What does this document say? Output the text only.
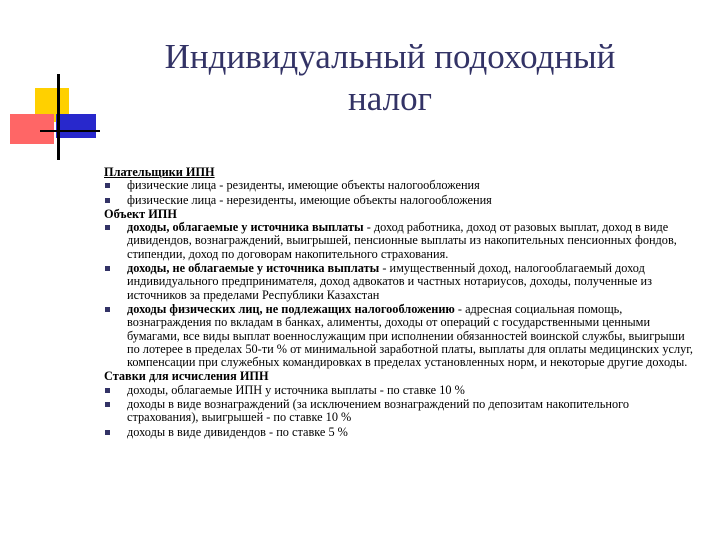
Индивидуальный подоходный
налог
Плательщики ИПН
физические лица - резиденты, имеющие объекты налогообложения
физические лица - нерезиденты, имеющие объекты налогообложения
Объект ИПН
доходы, облагаемые у источника выплаты - доход работника, доход от разовых выплат, доход в виде дивидендов, вознаграждений, выигрышей, пенсионные выплаты из накопительных пенсионных фондов, стипендии, доход по договорам накопительного страхования.
доходы, не облагаемые у источника выплаты - имущественный доход, налогооблагаемый доход индивидуального предпринимателя, доход адвокатов и частных нотариусов, доходы, полученные из источников за пределами Республики Казахстан
доходы физических лиц, не подлежащих налогообложению - адресная социальная помощь, вознаграждения по вкладам в банках, алименты, доходы от операций с государственными ценными бумагами, все виды выплат военнослужащим при исполнении обязанностей воинской службы, выигрыши по лотерее в пределах 50-ти % от минимальной заработной платы, выплаты для оплаты медицинских услуг, компенсации при служебных командировках в пределах установленных норм, и некоторые другие доходы.
Ставки для исчисления ИПН
доходы, облагаемые ИПН у источника выплаты - по ставке 10 %
доходы в виде вознаграждений (за исключением вознаграждений по депозитам накопительного страхования), выигрышей - по ставке 10 %
доходы в виде дивидендов - по ставке 5 %
